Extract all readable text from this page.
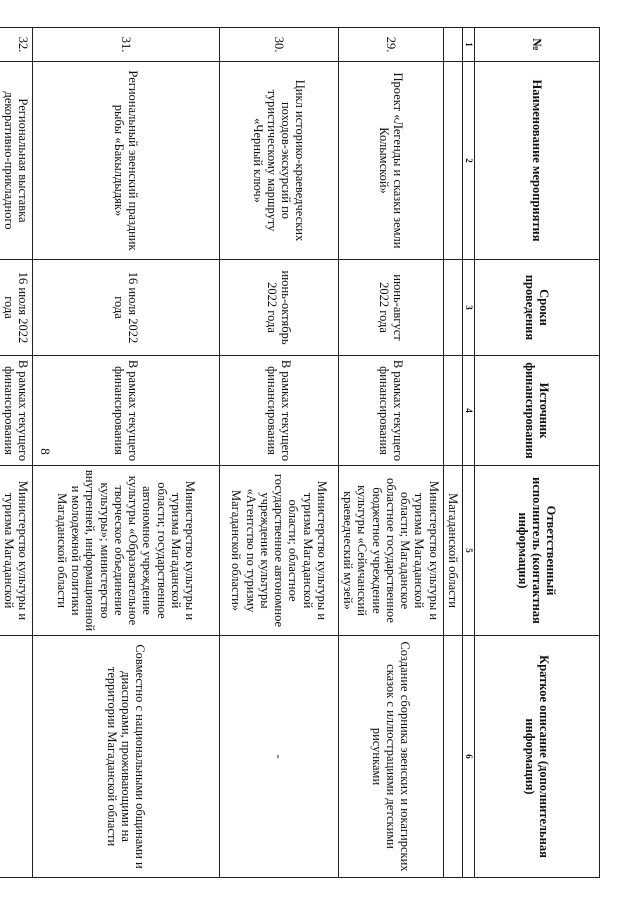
8
№	Наименование мероприятия	Сроки проведения	Источник финансирования	Ответственный исполнитель (контактная информация)	Краткое описание (дополнительная информация)
1	2	3	4	5	6
				Магаданской области	
29.	Проект «Легенды и сказки земли Колымской»	июнь-август 2022 года	В рамках текущего финансирования	Министерство культуры и туризма Магаданской области; Магаданское областное государственное бюджетное учреждение культуры «Сеймчанский краеведческий музей»	Создание сборника эвенских и юкагирских сказок с иллюстрациями детскими рисунками
30.	Цикл историко-краеведческих походов-экскурсий по туристическому маршруту «Черный ключ»	июнь-октябрь 2022 года	В рамках текущего финансирования	Министерство культуры и туризма Магаданской области; областное государственное автономное учреждение культуры «Агентство по туризму Магаданской области»	-
31.	Региональный эвенский праздник рыбы «Бакылдыдяк»	16 июля 2022 года	В рамках текущего финансирования	Министерство культуры и туризма Магаданской области; государственное автономное учреждение культуры «Образовательное творческое объединение культуры»; министерство внутренней, информационной и молодежной политики Магаданской области	Совместно с национальными общинами и диаспорами, проживающими на территории Магаданской области
32.	Региональная выставка декоративно-прикладного	16 июля 2022 года	В рамках текущего финансирования	Министерство культуры и туризма Магаданской	
